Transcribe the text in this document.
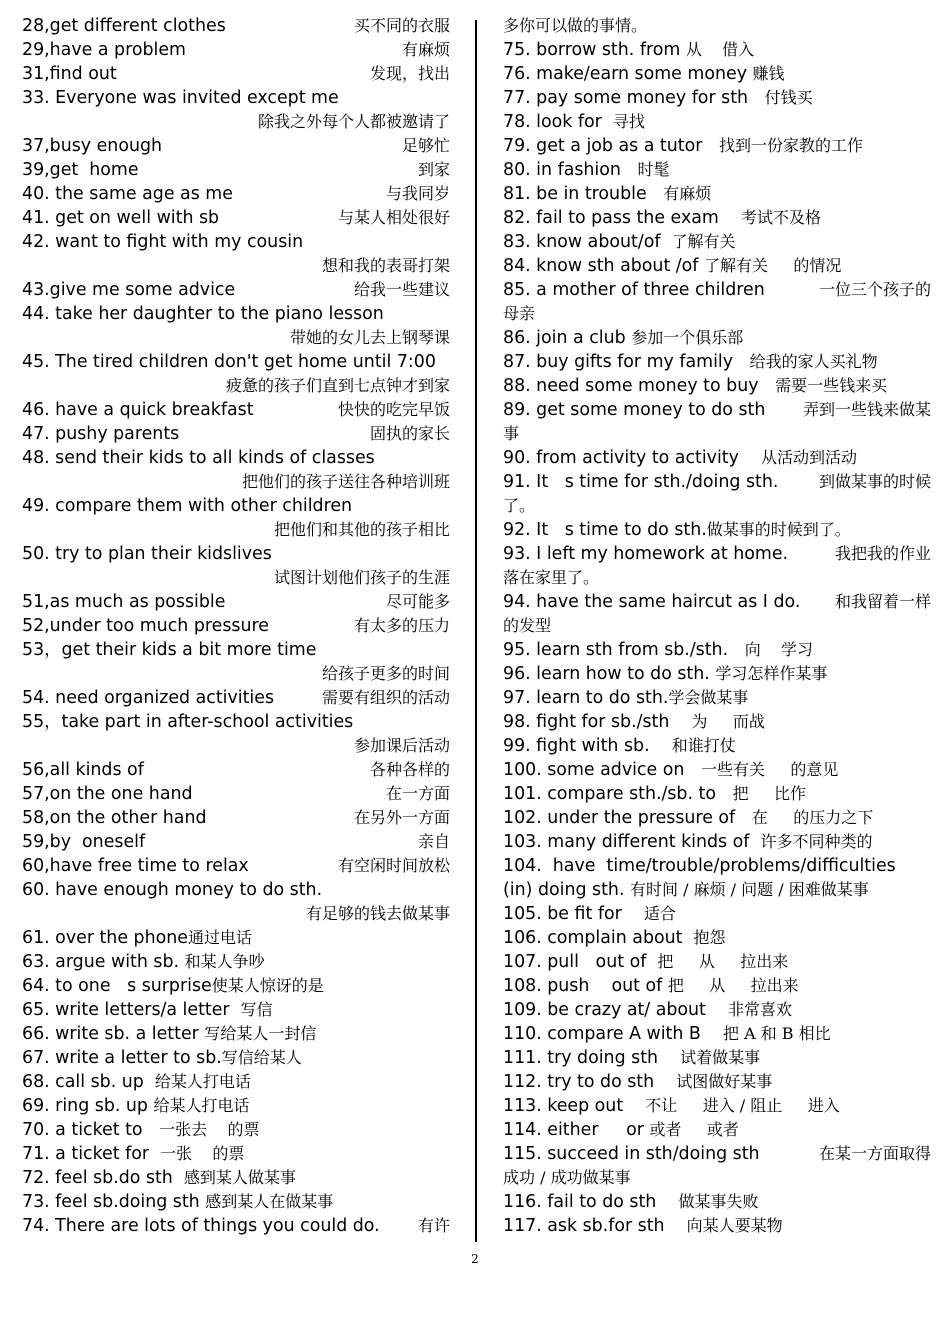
28,get different clothes	买不同的衣服
29,have a problem	有麻烦
31,find out	发现，找出
33. Everyone was invited except me
除我之外每个人都被邀请了
37,busy enough	足够忙
39,get  home	到家
40. the same age as me	与我同岁
41. get on well with sb	与某人相处很好
42. want to fight with my cousin
想和我的表哥打架
43.give me some advice	给我一些建议
44. take her daughter to the piano lesson
带她的女儿去上钢琴课
45. The tired children don't get home until 7:00
疲惫的孩子们直到七点钟才到家
46. have a quick breakfast	快快的吃完早饭
47. pushy parents	固执的家长
48. send their kids to all kinds of classes
把他们的孩子送往各种培训班
49. compare them with other children
把他们和其他的孩子相比
50. try to plan their kidslives
试图计划他们孩子的生涯
51,as much as possible	尽可能多
52,under too much pressure	有太多的压力
53，get their kids a bit more time
给孩子更多的时间
54. need organized activities	需要有组织的活动
55，take part in after-school activities
参加课后活动
56,all kinds of	各种各样的
57,on the one hand	在一方面
58,on the other hand	在另外一方面
59,by  oneself	亲自
60,have free time to relax	有空闲时间放松
60. have enough money to do sth.
有足够的钱去做某事
61. over the phone通过电话
63. argue with sb. 和某人争吵
64. to one   s surprise使某人惊讶的是
65. write letters/a letter  写信
66. write sb. a letter 写给某人一封信
67. write a letter to sb.写信给某人
68. call sb. up  给某人打电话
69. ring sb. up 给某人打电话
70. a ticket to   一张去    的票
71. a ticket for  一张    的票
72. feel sb.do sth  感到某人做某事
73. feel sb.doing sth 感到某人在做某事
74. There are lots of things you could do. 有许
多你可以做的事情。
75. borrow sth. from 从    借入
76. make/earn some money 赚钱
77. pay some money for sth   付钱买
78. look for  寻找
79. get a job as a tutor   找到一份家教的工作
80. in fashion   时髦
81. be in trouble   有麻烦
82. fail to pass the exam    考试不及格
83. know about/of  了解有关
84. know sth about /of 了解有关     的情况
85. a mother of three children	一位三个孩子的
母亲
86. join a club 参加一个俱乐部
87. buy gifts for my family   给我的家人买礼物
88. need some money to buy   需要一些钱来买
89. get some money to do sth 弄到一些钱来做某
事
90. from activity to activity    从活动到活动
91. It   s time for sth./doing sth.	到做某事的时候
了。
92. It   s time to do sth.做某事的时候到了。
93. I left my homework at home.	我把我的作业
落在家里了。
94. have the same haircut as I do. 和我留着一样
的发型
95. learn sth from sb./sth.   向    学习
96. learn how to do sth. 学习怎样作某事
97. learn to do sth.学会做某事
98. fight for sb./sth    为     而战
99. fight with sb.    和谁打仗
100. some advice on   一些有关     的意见
101. compare sth./sb. to   把     比作
102. under the pressure of   在     的压力之下
103. many different kinds of  许多不同种类的
104.  have  time/trouble/problems/difficulties
(in) doing sth. 有时间 / 麻烦 / 问题 / 困难做某事
105. be fit for    适合
106. complain about  抱怨
107. pull   out of  把     从     拉出来
108. push    out of 把     从     拉出来
109. be crazy at/ about    非常喜欢
110. compare A with B    把 A 和 B 相比
111. try doing sth    试着做某事
112. try to do sth    试图做好某事
113. keep out    不让     进入 / 阻止     进入
114. either     or 或者     或者
115. succeed in sth/doing sth	在某一方面取得
成功 / 成功做某事
116. fail to do sth    做某事失败
117. ask sb.for sth    向某人要某物
2
